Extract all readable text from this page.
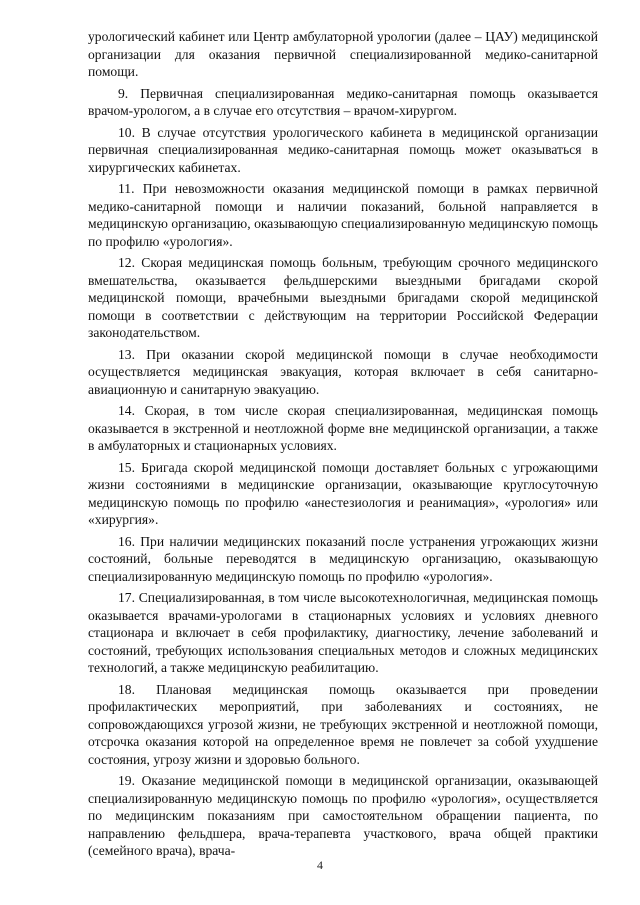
урологический кабинет или Центр амбулаторной урологии (далее – ЦАУ) медицинской организации для оказания первичной специализированной медико-санитарной помощи.

9. Первичная специализированная медико-санитарная помощь оказывается врачом-урологом, а в случае его отсутствия – врачом-хирургом.

10. В случае отсутствия урологического кабинета в медицинской организации первичная специализированная медико-санитарная помощь может оказываться в хирургических кабинетах.

11. При невозможности оказания медицинской помощи в рамках первичной медико-санитарной помощи и наличии показаний, больной направляется в медицинскую организацию, оказывающую специализированную медицинскую помощь по профилю «урология».

12. Скорая медицинская помощь больным, требующим срочного медицинского вмешательства, оказывается фельдшерскими выездными бригадами скорой медицинской помощи, врачебными выездными бригадами скорой медицинской помощи в соответствии с действующим на территории Российской Федерации законодательством.

13. При оказании скорой медицинской помощи в случае необходимости осуществляется медицинская эвакуация, которая включает в себя санитарно-авиационную и санитарную эвакуацию.

14. Скорая, в том числе скорая специализированная, медицинская помощь оказывается в экстренной и неотложной форме вне медицинской организации, а также в амбулаторных и стационарных условиях.

15. Бригада скорой медицинской помощи доставляет больных с угрожающими жизни состояниями в медицинские организации, оказывающие круглосуточную медицинскую помощь по профилю «анестезиология и реанимация», «урология» или «хирургия».

16. При наличии медицинских показаний после устранения угрожающих жизни состояний, больные переводятся в медицинскую организацию, оказывающую специализированную медицинскую помощь по профилю «урология».

17. Специализированная, в том числе высокотехнологичная, медицинская помощь оказывается врачами-урологами в стационарных условиях и условиях дневного стационара и включает в себя профилактику, диагностику, лечение заболеваний и состояний, требующих использования специальных методов и сложных медицинских технологий, а также медицинскую реабилитацию.

18. Плановая медицинская помощь оказывается при проведении профилактических мероприятий, при заболеваниях и состояниях, не сопровождающихся угрозой жизни, не требующих экстренной и неотложной помощи, отсрочка оказания которой на определенное время не повлечет за собой ухудшение состояния, угрозу жизни и здоровью больного.

19. Оказание медицинской помощи в медицинской организации, оказывающей специализированную медицинскую помощь по профилю «урология», осуществляется по медицинским показаниям при самостоятельном обращении пациента, по направлению фельдшера, врача-терапевта участкового, врача общей практики (семейного врача), врача-

4
